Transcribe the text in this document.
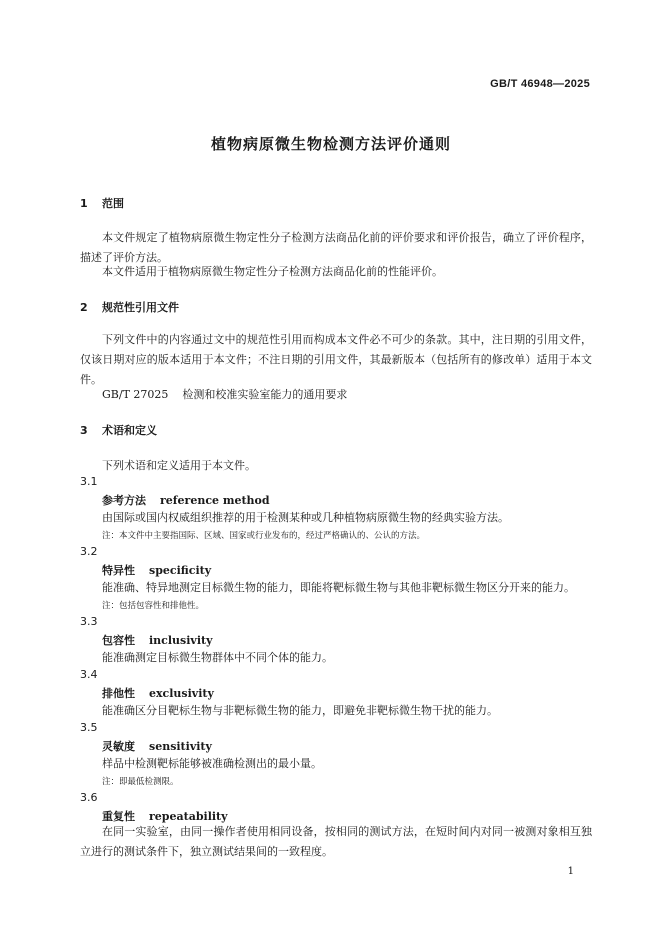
GB/T 46948—2025
植物病原微生物检测方法评价通则
1 范围
本文件规定了植物病原微生物定性分子检测方法商品化前的评价要求和评价报告，确立了评价程序，描述了评价方法。
本文件适用于植物病原微生物定性分子检测方法商品化前的性能评价。
2 规范性引用文件
下列文件中的内容通过文中的规范性引用而构成本文件必不可少的条款。其中，注日期的引用文件，仅该日期对应的版本适用于本文件；不注日期的引用文件，其最新版本（包括所有的修改单）适用于本文件。
GB/T 27025 检测和校准实验室能力的通用要求
3 术语和定义
下列术语和定义适用于本文件。
3.1
参考方法 reference method
由国际或国内权威组织推荐的用于检测某种或几种植物病原微生物的经典实验方法。
注：本文件中主要指国际、区域、国家或行业发布的，经过严格确认的、公认的方法。
3.2
特异性 specificity
能准确、特异地测定目标微生物的能力，即能将靶标微生物与其他非靶标微生物区分开来的能力。
注：包括包容性和排他性。
3.3
包容性 inclusivity
能准确测定目标微生物群体中不同个体的能力。
3.4
排他性 exclusivity
能准确区分目靶标生物与非靶标微生物的能力，即避免非靶标微生物干扰的能力。
3.5
灵敏度 sensitivity
样品中检测靶标能够被准确检测出的最小量。
注：即最低检测限。
3.6
重复性 repeatability
在同一实验室，由同一操作者使用相同设备，按相同的测试方法，在短时间内对同一被测对象相互独立进行的测试条件下，独立测试结果间的一致程度。
1
